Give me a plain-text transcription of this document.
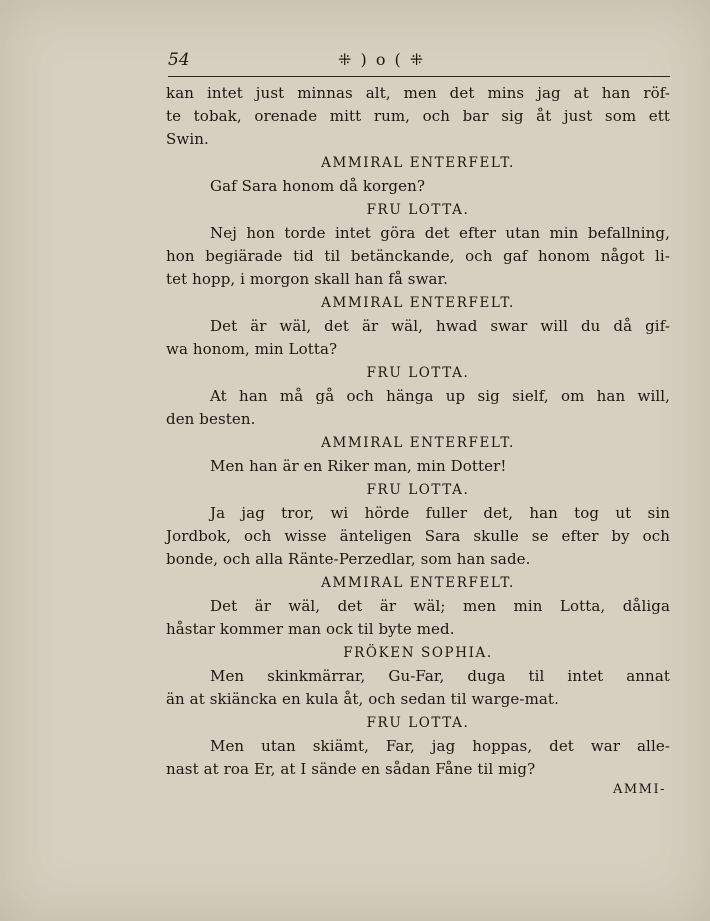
54	⁜ ) o ( ⁜
kan intet just minnas alt, men det mins jag at han röf-
te tobak, orenade mitt rum, och bar sig åt just som ett
Swin.
AMMIRAL ENTERFELT.
Gaf Sara honom då korgen?
FRU LOTTA.
Nej hon torde intet göra det efter utan min befallning,
hon begiärade tid til betänckande, och gaf honom något li-
tet hopp, i morgon skall han få swar.
AMMIRAL ENTERFELT.
Det är wäl, det är wäl, hwad swar will du då gif-
wa honom, min Lotta?
FRU LOTTA.
At han må gå och hänga up sig sielf, om han will,
den besten.
AMMIRAL ENTERFELT.
Men han är en Riker man, min Dotter!
FRU LOTTA.
Ja jag tror, wi hörde fuller det, han tog ut sin
Jordbok, och wisse änteligen Sara skulle se efter by och
bonde, och alla Ränte-Perzedlar, som han sade.
AMMIRAL ENTERFELT.
Det är wäl, det är wäl; men min Lotta, dåliga
håstar kommer man ock til byte med.
FRÖKEN SOPHIA.
Men skinkmärrar, Gu-Far, duga til intet annat
än at skiäncka en kula åt, och sedan til warge-mat.
FRU LOTTA.
Men utan skiämt, Far, jag hoppas, det war alle-
nast at roa Er, at I sände en sådan Fåne til mig?
AMMI-
